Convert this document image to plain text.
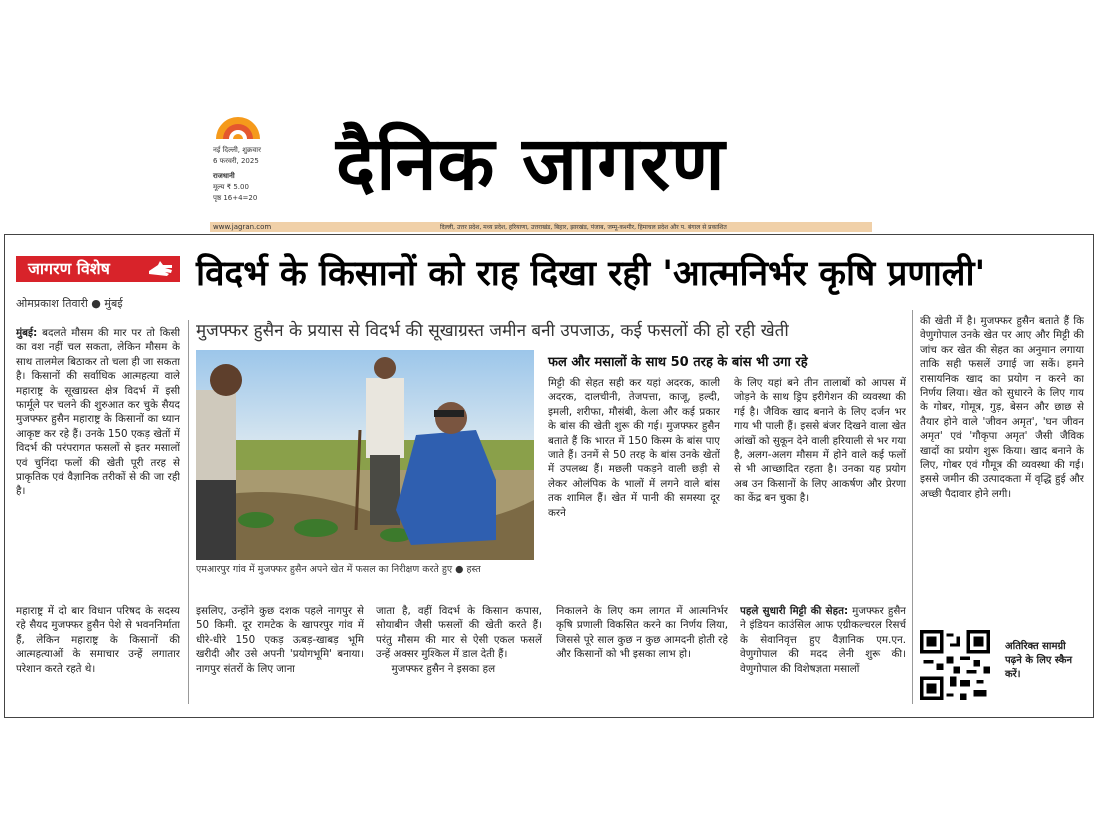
नई दिल्ली, शुक्रवार
6 फरवरी, 2025
राजधानी
मूल्य ₹ 5.00
पृष्ठ 16+4=20 दैनिक जागरण
www.jagran.com	दिल्ली, उत्तर प्रदेश, मध्य प्रदेश, हरियाणा, उत्तराखंड, बिहार, झारखंड, पंजाब, जम्मू-कश्मीर, हिमाचल प्रदेश और प. बंगाल से प्रकाशित
जागरण विशेष
ओमप्रकाश तिवारी ● मुंबई
विदर्भ के किसानों को राह दिखा रही 'आत्मनिर्भर कृषि प्रणाली'
मुजफ्फर हुसैन के प्रयास से विदर्भ की सूखाग्रस्त जमीन बनी उपजाऊ, कई फसलों की हो रही खेती
एमआरपुर गांव में मुजफ्फर हुसैन अपने खेत में फसल का निरीक्षण करते हुए ● हस्त
फल और मसालों के साथ 50 तरह के बांस भी उगा रहे

मुंबई: बदलते मौसम की मार पर तो किसी का वश नहीं चल सकता, लेकिन मौसम के साथ तालमेल बिठाकर तो चला ही जा सकता है। किसानों की सर्वाधिक आत्महत्या वाले महाराष्ट्र के सूखाग्रस्त क्षेत्र विदर्भ में इसी फार्मूले पर चलने की शुरुआत कर चुके सैयद मुजफ्फर हुसैन महाराष्ट्र के किसानों का ध्यान आकृष्ट कर रहे हैं। उनके 150 एकड़ खेतों में विदर्भ की परंपरागत फसलों से इतर मसालों एवं चुनिंदा फलों की खेती पूरी तरह से प्राकृतिक एवं वैज्ञानिक तरीकों से की जा रही है।

महाराष्ट्र में दो बार विधान परिषद के सदस्य रहे सैयद मुजफ्फर हुसैन पेशे से भवननिर्माता हैं, लेकिन महाराष्ट्र के किसानों की आत्महत्याओं के समाचार उन्हें लगातार परेशान करते रहते थे।

इसलिए, उन्होंने कुछ दशक पहले नागपुर से 50 किमी. दूर रामटेक के खापरपुर गांव में धीरे-धीरे 150 एकड़ ऊबड़-खाबड़ भूमि खरीदी और उसे अपनी 'प्रयोगभूमि' बनाया। नागपुर संतरों के लिए जाना

जाता है, वहीं विदर्भ के किसान कपास, सोयाबीन जैसी फसलों की खेती करते हैं। परंतु मौसम की मार से ऐसी एकल फसलें उन्हें अक्सर मुश्किल में डाल देती हैं।

मुजफ्फर हुसैन ने इसका हल

मिट्टी की सेहत सही कर यहां अदरक, काली अदरक, दालचीनी, तेजपत्ता, काजू, हल्दी, इमली, शरीफा, मौसंबी, केला और कई प्रकार के बांस की खेती शुरू की गई। मुजफ्फर हुसैन बताते हैं कि भारत में 150 किस्म के बांस पाए जाते हैं। उनमें से 50 तरह के बांस उनके खेतों में उपलब्ध हैं। मछली पकड़ने वाली छड़ी से लेकर ओलंपिक के भालों में लगने वाले बांस तक शामिल हैं। खेत में पानी की समस्या दूर करने

निकालने के लिए कम लागत में आत्मनिर्भर कृषि प्रणाली विकसित करने का निर्णय लिया, जिससे पूरे साल कुछ न कुछ आमदनी होती रहे और किसानों को भी इसका लाभ हो।

के लिए यहां बने तीन तालाबों को आपस में जोड़ने के साथ ड्रिप इरीगेशन की व्यवस्था की गई है। जैविक खाद बनाने के लिए दर्जन भर गाय भी पाली हैं। इससे बंजर दिखने वाला खेत आंखों को सुकून देने वाली हरियाली से भर गया है, अलग-अलग मौसम में होने वाले कई फलों से भी आच्छादित रहता है। उनका यह प्रयोग अब उन किसानों के लिए आकर्षण और प्रेरणा का केंद्र बन चुका है।

पहले सुधारी मिट्टी की सेहत: मुजफ्फर हुसैन ने इंडियन काउंसिल आफ एग्रीकल्चरल रिसर्च के सेवानिवृत्त हुए वैज्ञानिक एम.एन. वेणुगोपाल की मदद लेनी शुरू की। वेणुगोपाल की विशेषज्ञता मसालों

की खेती में है। मुजफ्फर हुसैन बताते हैं कि वेणुगोपाल उनके खेत पर आए और मिट्टी की जांच कर खेत की सेहत का अनुमान लगाया ताकि सही फसलें उगाई जा सकें। हमने रासायनिक खाद का प्रयोग न करने का निर्णय लिया। खेत को सुधारने के लिए गाय के गोबर, गोमूत्र, गुड़, बेसन और छाछ से तैयार होने वाले 'जीवन अमृत', 'घन जीवन अमृत' एवं 'गौकृपा अमृत' जैसी जैविक खादों का प्रयोग शुरू किया। खाद बनाने के लिए, गोबर एवं गौमूत्र की व्यवस्था की गई। इससे जमीन की उत्पादकता में वृद्धि हुई और अच्छी पैदावार होने लगी।

अतिरिक्त सामग्री पढ़ने के लिए स्कैन करें।
